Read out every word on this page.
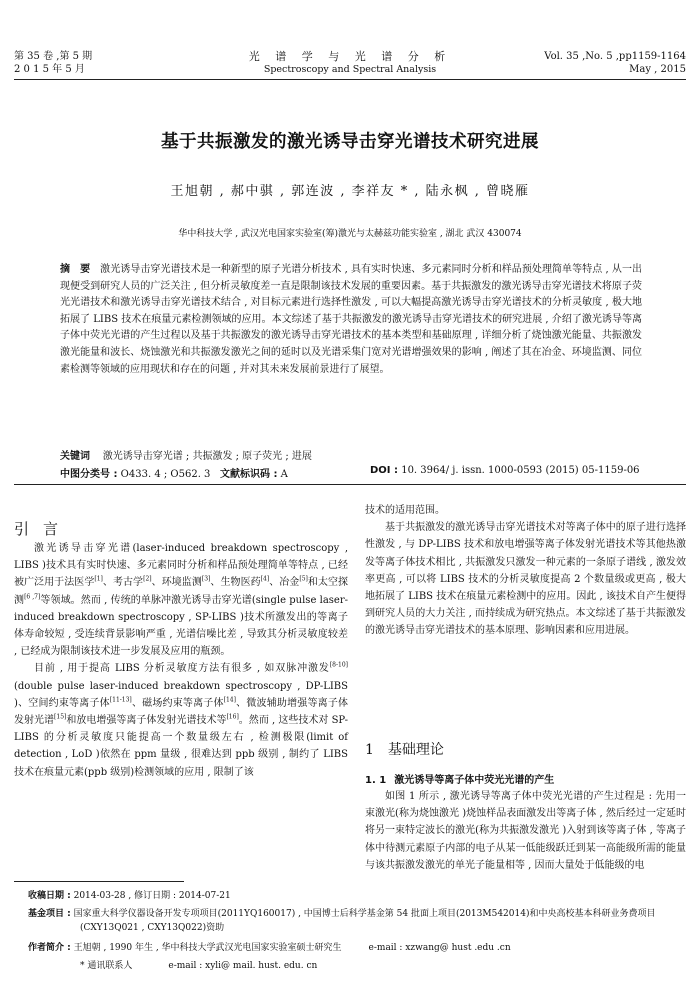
第 35 卷 ,第 5 期
2 0 1 5 年 5 月
光 谱 学 与 光 谱 分 析
Spectroscopy and Spectral Analysis
Vol. 35 ,No. 5 ,pp1159-1164
May , 2015
基于共振激发的激光诱导击穿光谱技术研究进展
王旭朝 , 郝中骐 , 郭连波 , 李祥友 * , 陆永枫 , 曾晓雁
华中科技大学 , 武汉光电国家实验室(筹)激光与太赫兹功能实验室 , 湖北 武汉 430074
摘　要 激光诱导击穿光谱技术是一种新型的原子光谱分析技术 , 具有实时快速、多元素同时分析和样品预处理简单等特点 , 从一出现便受到研究人员的广泛关注 , 但分析灵敏度差一直是限制该技术发展的重要因素。基于共振激发的激光诱导击穿光谱技术将原子荧光光谱技术和激光诱导击穿光谱技术结合 , 对目标元素进行选择性激发 , 可以大幅提高激光诱导击穿光谱技术的分析灵敏度 , 极大地拓展了 LIBS 技术在痕量元素检测领域的应用。本文综述了基于共振激发的激光诱导击穿光谱技术的研究进展 , 介绍了激光诱导等离子体中荧光光谱的产生过程以及基于共振激发的激光诱导击穿光谱技术的基本类型和基础原理 , 详细分析了烧蚀激光能量、共振激发激光能量和波长、烧蚀激光和共振激发激光之间的延时以及光谱采集门宽对光谱增强效果的影响 , 阐述了其在冶金、环境监测、同位素检测等领域的应用现状和存在的问题 , 并对其未来发展前景进行了展望。
关键词 激光诱导击穿光谱 ; 共振激发 ; 原子荧光 ; 进展
中图分类号 : O433. 4 ; O562. 3 文献标识码 : A	DOI : 10. 3964/ j. issn. 1000-0593 (2015) 05-1159-06
引言

激光诱导击穿光谱(laser-induced breakdown spectroscopy , LIBS )技术具有实时快速、多元素同时分析和样品预处理简单等特点 , 已经被广泛用于法医学[1]、考古学[2]、环境监测[3]、生物医药[4]、冶金[5]和太空探测[6 ,7]等领域。然而 , 传统的单脉冲激光诱导击穿光谱(single pulse laser-induced breakdown spectroscopy , SP-LIBS )技术所激发出的等离子体寿命较短 , 受连续背景影响严重 , 光谱信噪比差 , 导致其分析灵敏度较差 , 已经成为限制该技术进一步发展及应用的瓶颈。

目前 , 用于提高 LIBS 分析灵敏度方法有很多 , 如双脉冲激发[8-10](double pulse laser-induced breakdown spectroscopy , DP-LIBS )、空间约束等离子体[11-13]、磁场约束等离子体[14]、微波辅助增强等离子体发射光谱[15]和放电增强等离子体发射光谱技术等[16]。然而 , 这些技术对 SP-LIBS 的分析灵敏度只能提高一个数量级左右 , 检测极限(limit of detection , LoD )依然在 ppm 量级 , 很难达到 ppb 级别 , 制约了 LIBS 技术在痕量元素(ppb 级别)检测领域的应用 , 限制了该

技术的适用范围。

基于共振激发的激光诱导击穿光谱技术对等离子体中的原子进行选择性激发 , 与 DP-LIBS 技术和放电增强等离子体发射光谱技术等其他热激发等离子体技术相比 , 共振激发只激发一种元素的一条原子谱线 , 激发效率更高 , 可以将 LIBS 技术的分析灵敏度提高 2 个数量级或更高 , 极大地拓展了 LIBS 技术在痕量元素检测中的应用。因此 , 该技术自产生便得到研究人员的大力关注 , 而持续成为研究热点。本文综述了基于共振激发的激光诱导击穿光谱技术的基本原理、影响因素和应用进展。

1 基础理论
1. 1 激光诱导等离子体中荧光光谱的产生

如图 1 所示 , 激光诱导等离子体中荧光光谱的产生过程是 : 先用一束激光(称为烧蚀激光 )烧蚀样品表面激发出等离子体 , 然后经过一定延时将另一束特定波长的激光(称为共振激发激光 )入射到该等离子体 , 等离子体中待测元素原子内部的电子从某一低能级跃迁到某一高能级所需的能量与该共振激发激光的单光子能量相等 , 因而大量处于低能级的电

收稿日期 : 2014-03-28 , 修订日期 : 2014-07-21
基金项目 : 国家重大科学仪器设备开发专项项目(2011YQ160017) , 中国博士后科学基金第 54 批面上项目(2013M542014)和中央高校基本科研业务费项目(CXY13Q021 , CXY13Q022)资助
作者简介 : 王旭朝 , 1990 年生 , 华中科技大学武汉光电国家实验室硕士研究生　　　e-mail : xzwang@ hust .edu .cn
* 通讯联系人　　　　e-mail : xyli@ mail. hust. edu. cn
